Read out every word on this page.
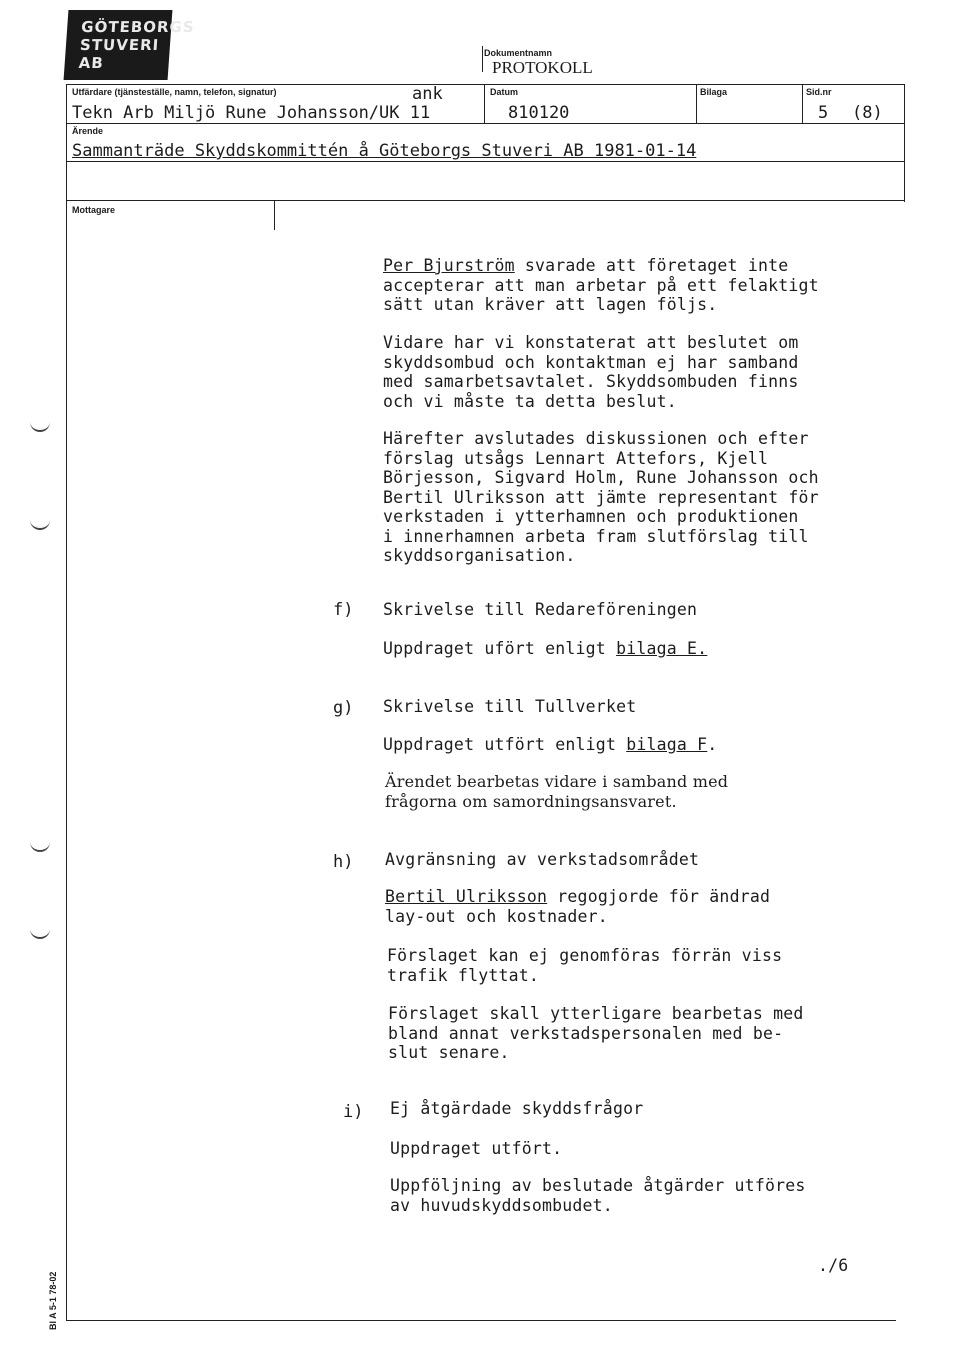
GÖTEBORGS
STUVERI AB
Dokumentnamn
PROTOKOLL
Utfärdare (tjänsteställe, namn, telefon, signatur)	ank
Tekn Arb Miljö Rune Johansson/UK 11
Datum
810120
Bilaga	Sid.nr
5 (8)
Ärende
Sammanträde Skyddskommittén å Göteborgs Stuveri AB 1981-01-14
Mottagare
Per Bjurström svarade att företaget inte
accepterar att man arbetar på ett felaktigt
sätt utan kräver att lagen följs.
Vidare har vi konstaterat att beslutet om
skyddsombud och kontaktman ej har samband
med samarbetsavtalet. Skyddsombuden finns
och vi måste ta detta beslut.
Härefter avslutades diskussionen och efter
förslag utsågs Lennart Attefors, Kjell
Börjesson, Sigvard Holm, Rune Johansson och
Bertil Ulriksson att jämte representant för
verkstaden i ytterhamnen och produktionen
i innerhamnen arbeta fram slutförslag till
skyddsorganisation.
f) Skrivelse till Redareföreningen
Uppdraget ufört enligt bilaga E.
g) Skrivelse till Tullverket
Uppdraget utfört enligt bilaga F.
Ärendet bearbetas vidare i samband med
frågorna om samordningsansvaret.
h) Avgränsning av verkstadsområdet
Bertil Ulriksson regogjorde för ändrad
lay-out och kostnader.
Förslaget kan ej genomföras förrän viss
trafik flyttat.
Förslaget skall ytterligare bearbetas med
bland annat verkstadspersonalen med be-
slut senare.
i) Ej åtgärdade skyddsfrågor
Uppdraget utfört.
Uppföljning av beslutade åtgärder utföres
av huvudskyddsombudet.
./6
Bl A 5-1 78-02
